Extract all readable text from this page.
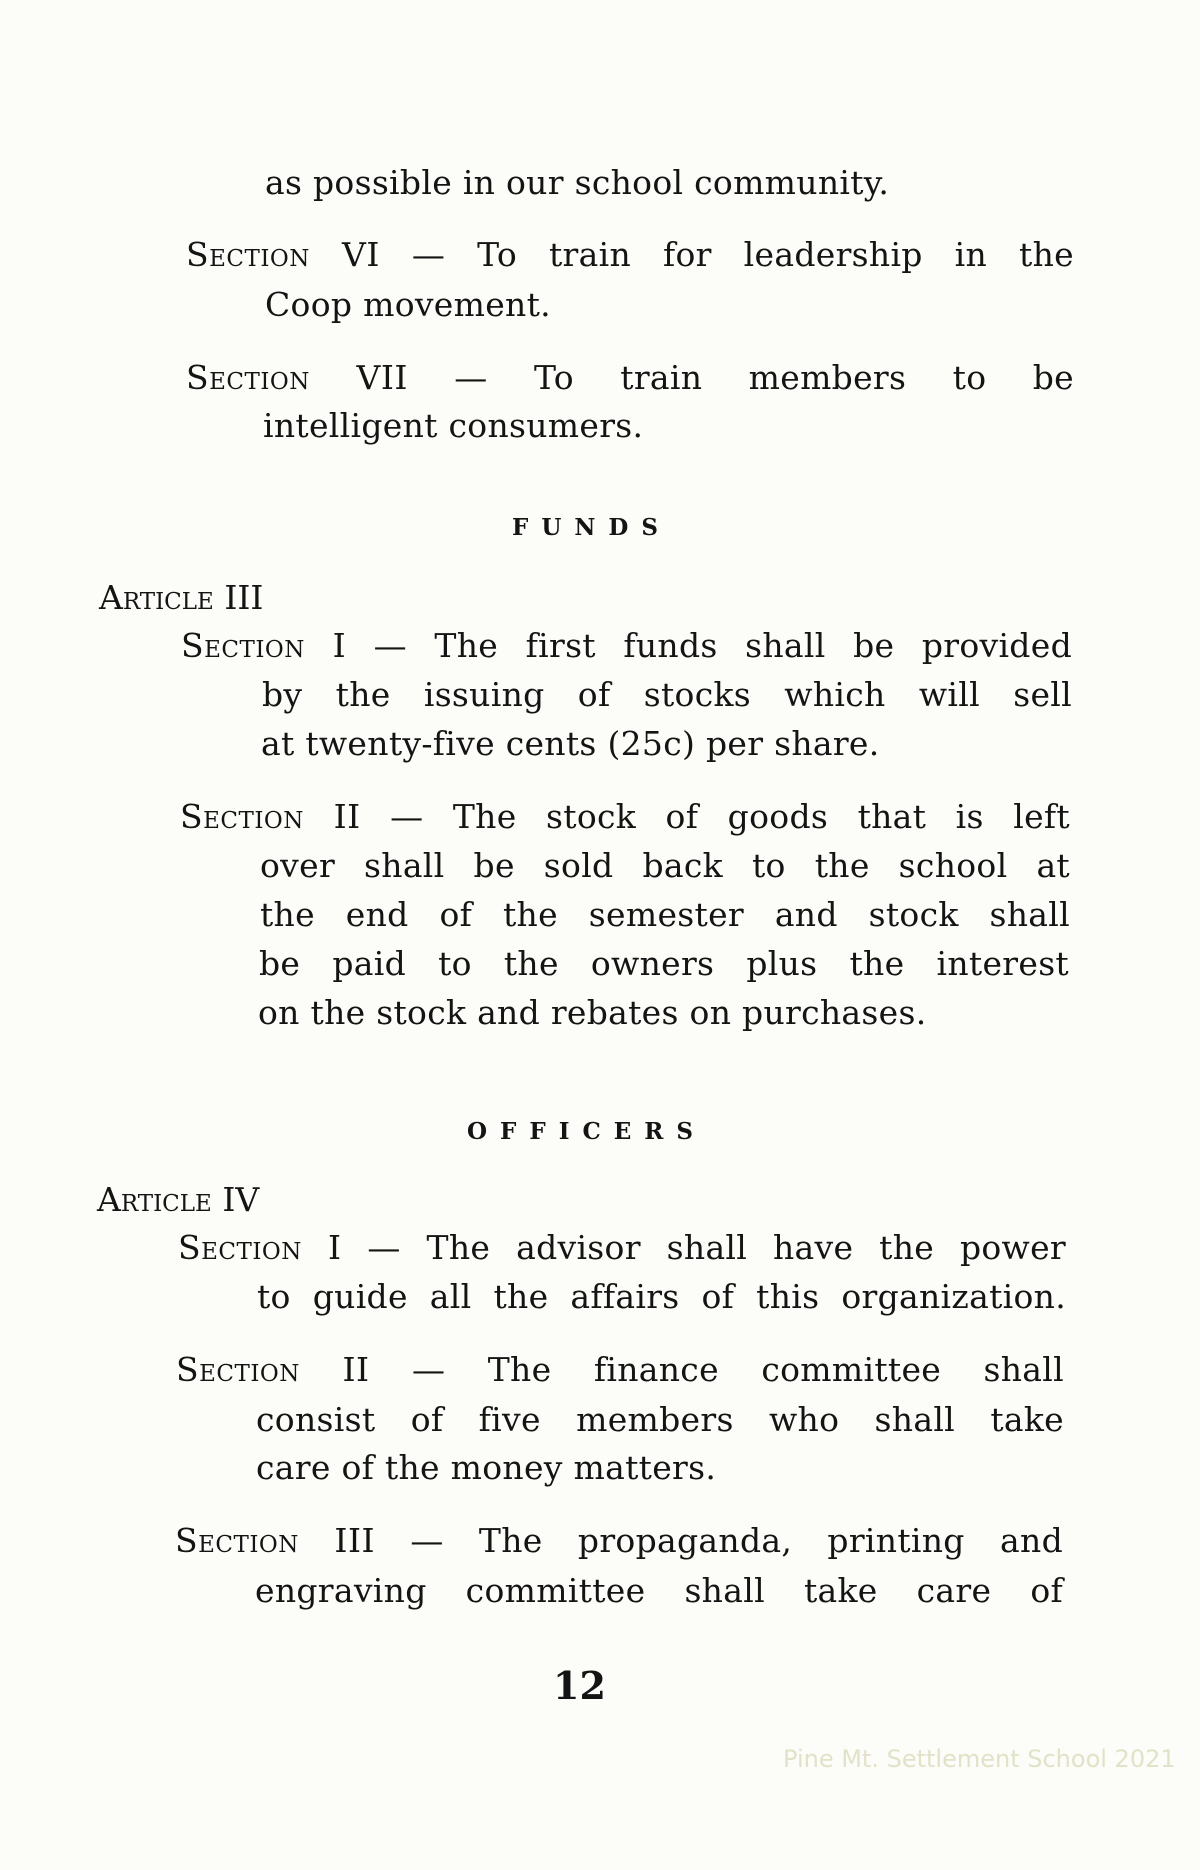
as possible in our school community.
Section VI — To train for leadership in the
Coop movement.
Section VII — To train members to be
intelligent consumers.
FUNDS
Article III
Section I — The first funds shall be provided
by the issuing of stocks which will sell
at twenty-five cents (25c) per share.
Section II — The stock of goods that is left
over shall be sold back to the school at
the end of the semester and stock shall
be paid to the owners plus the interest
on the stock and rebates on purchases.
OFFICERS
Article IV
Section I — The advisor shall have the power
to guide all the affairs of this organization.
Section II — The finance committee shall
consist of five members who shall take
care of the money matters.
Section III — The propaganda, printing and
engraving committee shall take care of
12
Pine Mt. Settlement School 2021
